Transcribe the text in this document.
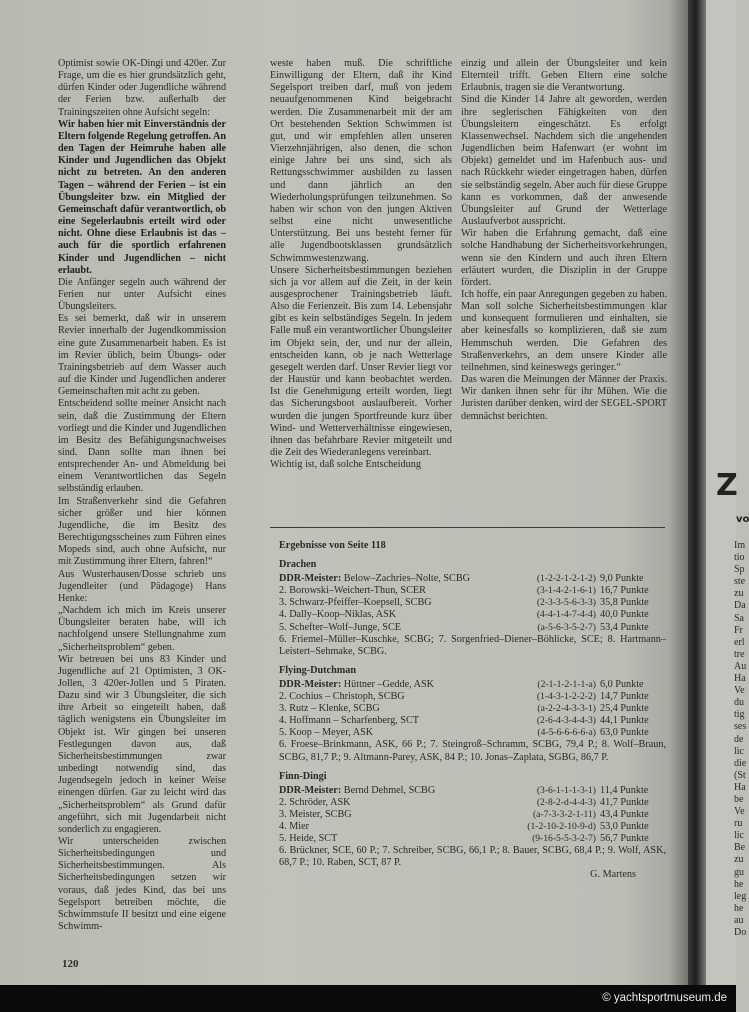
Optimist sowie OK-Dingi und 420er. Zur Frage, um die es hier grundsätzlich geht, dürfen Kinder oder Jugendliche während der Ferien bzw. außerhalb der Trainingszeiten ohne Aufsicht segeln:

Wir haben hier mit Einverständnis der Eltern folgende Regelung getroffen. An den Tagen der Heimruhe haben alle Kinder und Jugendlichen das Objekt nicht zu betreten. An den anderen Tagen – während der Ferien – ist ein Übungsleiter bzw. ein Mitglied der Gemeinschaft dafür verantwortlich, ob eine Segelerlaubnis erteilt wird oder nicht. Ohne diese Erlaubnis ist das – auch für die sportlich erfahrenen Kinder und Jugendlichen – nicht erlaubt.

Die Anfänger segeln auch während der Ferien nur unter Aufsicht eines Übungsleiters.

Es sei bemerkt, daß wir in unserem Revier innerhalb der Jugendkommission eine gute Zusammenarbeit haben. Es ist im Revier üblich, beim Übungs- oder Trainingsbetrieb auf dem Wasser auch auf die Kinder und Jugendlichen anderer Gemeinschaften mit acht zu geben.

Entscheidend sollte meiner Ansicht nach sein, daß die Zustimmung der Eltern vorliegt und die Kinder und Jugendlichen im Besitz des Befähigungsnachweises sind. Dann sollte man ihnen bei entsprechender An- und Abmeldung bei einem Verantwortlichen das Segeln selbständig erlauben.

Im Straßenverkehr sind die Gefahren sicher größer und hier können Jugendliche, die im Besitz des Berechtigungsscheines zum Führen eines Mopeds sind, auch ohne Aufsicht, nur mit Zustimmung ihrer Eltern, fahren!“

Aus Wusterhausen/Dosse schrieb uns Jugendleiter (und Pädagoge) Hans Henke:

„Nachdem ich mich im Kreis unserer Übungsleiter beraten habe, will ich nachfolgend unsere Stellungnahme zum „Sicherheitsproblem“ geben.

Wir betreuen bei uns 83 Kinder und Jugendliche auf 21 Optimisten, 3 OK-Jollen, 3 420er-Jollen und 5 Piraten. Dazu sind wir 3 Übungsleiter, die sich ihre Arbeit so eingeteilt haben, daß täglich wenigstens ein Übungsleiter im Objekt ist. Wir gingen bei unseren Festlegungen davon aus, daß Sicherheitsbestimmungen zwar unbedingt notwendig sind, das Jugendsegeln jedoch in keiner Weise einengen dürfen. Gar zu leicht wird das „Sicherheitsproblem“ als Grund dafür angeführt, sich mit Jugendarbeit nicht sonderlich zu engagieren.

Wir unterscheiden zwischen Sicherheitsbedingungen und Sicherheitsbestimmungen. Als Sicherheitsbedingungen setzen wir voraus, daß jedes Kind, das bei uns Segelsport betreiben möchte, die Schwimmstufe II besitzt und eine eigene Schwimm-

weste haben muß. Die schriftliche Einwilligung der Eltern, daß ihr Kind Segelsport treiben darf, muß von jedem neuaufgenommenen Kind beigebracht werden. Die Zusammenarbeit mit der am Ort bestehenden Sektion Schwimmen ist gut, und wir empfehlen allen unseren Vierzehnjährigen, also denen, die schon einige Jahre bei uns sind, sich als Rettungsschwimmer ausbilden zu lassen und dann jährlich an den Wiederholungsprüfungen teilzunehmen. So haben wir schon von den jungen Aktiven selbst eine nicht unwesentliche Unterstützung. Bei uns besteht ferner für alle Jugendbootsklassen grundsätzlich Schwimmwestenzwang.

Unsere Sicherheitsbestimmungen beziehen sich ja vor allem auf die Zeit, in der kein ausgesprochener Trainingsbetrieb läuft. Also die Ferienzeit. Bis zum 14. Lebensjahr gibt es kein selbständiges Segeln. In jedem Falle muß ein verantwortlicher Übungsleiter im Objekt sein, der, und nur der allein, entscheiden kann, ob je nach Wetterlage gesegelt werden darf. Unser Revier liegt vor der Haustür und kann beobachtet werden. Ist die Genehmigung erteilt worden, liegt das Sicherungsboot auslaufbereit. Vorher wurden die jungen Sportfreunde kurz über Wind- und Wetterverhältnisse eingewiesen, ihnen das befahrbare Revier mitgeteilt und die Zeit des Wiederanlegens vereinbart.

Wichtig ist, daß solche Entscheidung

einzig und allein der Übungsleiter und kein Elternteil trifft. Geben Eltern eine solche Erlaubnis, tragen sie die Verantwortung.

Sind die Kinder 14 Jahre alt geworden, werden ihre seglerischen Fähigkeiten von den Übungsleitern eingeschätzt. Es erfolgt Klassenwechsel. Nachdem sich die angehenden Jugendlichen beim Hafenwart (er wohnt im Objekt) gemeldet und im Hafenbuch aus- und nach Rückkehr wieder eingetragen haben, dürfen sie selbständig segeln. Aber auch für diese Gruppe kann es vorkommen, daß der anwesende Übungsleiter auf Grund der Wetterlage Auslaufverbot ausspricht.

Wir haben die Erfahrung gemacht, daß eine solche Handhabung der Sicherheitsvorkehrungen, wenn sie den Kindern und auch ihren Eltern erläutert wurden, die Disziplin in der Gruppe fördert.

Ich hoffe, ein paar Anregungen gegeben zu haben. Man soll solche Sicherheitsbestimmungen klar und konsequent formulieren und einhalten, sie aber keinesfalls so komplizieren, daß sie zum Hemmschuh werden. Die Gefahren des Straßenverkehrs, an dem unsere Kinder alle teilnehmen, sind keineswegs geringer.“

Das waren die Meinungen der Männer der Praxis. Wir danken ihnen sehr für ihr Mühen. Wie die Juristen darüber denken, wird der SEGEL-SPORT demnächst berichten.

Ergebnisse von Seite 118
Drachen
DDR-Meister: Below–Zachries–Nolte, SCBG	(1-2-2-1-2-1-2) 9,0 Punkte
2. Borowski–Weichert-Thun, SCER	(3-1-4-2-1-6-1) 16,7 Punkte
3. Schwarz-Pfeiffer–Koepsell, SCBG	(2-3-3-5-6-3-3) 35,8 Punkte
4. Dally–Koop–Niklas, ASK	(4-4-1-4-7-4-4) 40,0 Punkte
5. Schefter–Wolf–Junge, SCE	(a-5-6-3-5-2-7) 53,4 Punkte
6. Friemel–Müller–Kuschke, SCBG; 7. Sorgenfried–Diener–Böhlicke, SCE; 8. Hartmann–Leistert–Sehmake, SCBG.
Flying-Dutchman
DDR-Meister: Hüttner –Gedde, ASK	(2-1-1-2-1-1-a) 6,0 Punkte
2. Cochius – Christoph, SCBG	(1-4-3-1-2-2-2) 14,7 Punkte
3. Rutz – Klenke, SCBG	(a-2-2-4-3-3-1) 25,4 Punkte
4. Hoffmann – Scharfenberg, SCT	(2-6-4-3-4-4-3) 44,1 Punkte
5. Koop – Meyer, ASK	(4-5-6-6-6-6-a) 63,0 Punkte
6. Froese–Brinkmann, ASK, 66 P.; 7. Steingroß–Schramm, SCBG, 79,4 P.; 8. Wolf–Braun, SCBG, 81,7 P.; 9. Altmann-Parey, ASK, 84 P.; 10. Jonas–Zaplata, SGBG, 86,7 P.
Finn-Dingi
DDR-Meister: Bernd Dehmel, SCBG	(3-6-1-1-1-3-1) 11,4 Punkte
2. Schröder, ASK	(2-8-2-d-4-4-3) 41,7 Punkte
3. Meister, SCBG	(a-7-3-3-2-1-11) 43,4 Punkte
4. Mier	(1-2-10-2-10-9-d) 53,0 Punkte
5. Heide, SCT	(9-16-5-5-3-2-7) 56,7 Punkte
6. Brückner, SCE, 60 P.; 7. Schreiber, SCBG, 66,1 P.; 8. Bauer, SCBG, 68,4 P.; 9. Wolf, ASK, 68,7 P.; 10. Raben, SCT, 87 P.
G. Martens
120
Z
vo
Im
tio
Sp
ste
zu
Da
Sa
Fr
erl
tre
Au
Ha
Ve
du
tig
ses
de
lic
die
(St
Ha
be
Ve
ru
lic
Be
zu
gu
he
leg
he
au
Do
© yachtsportmuseum.de
